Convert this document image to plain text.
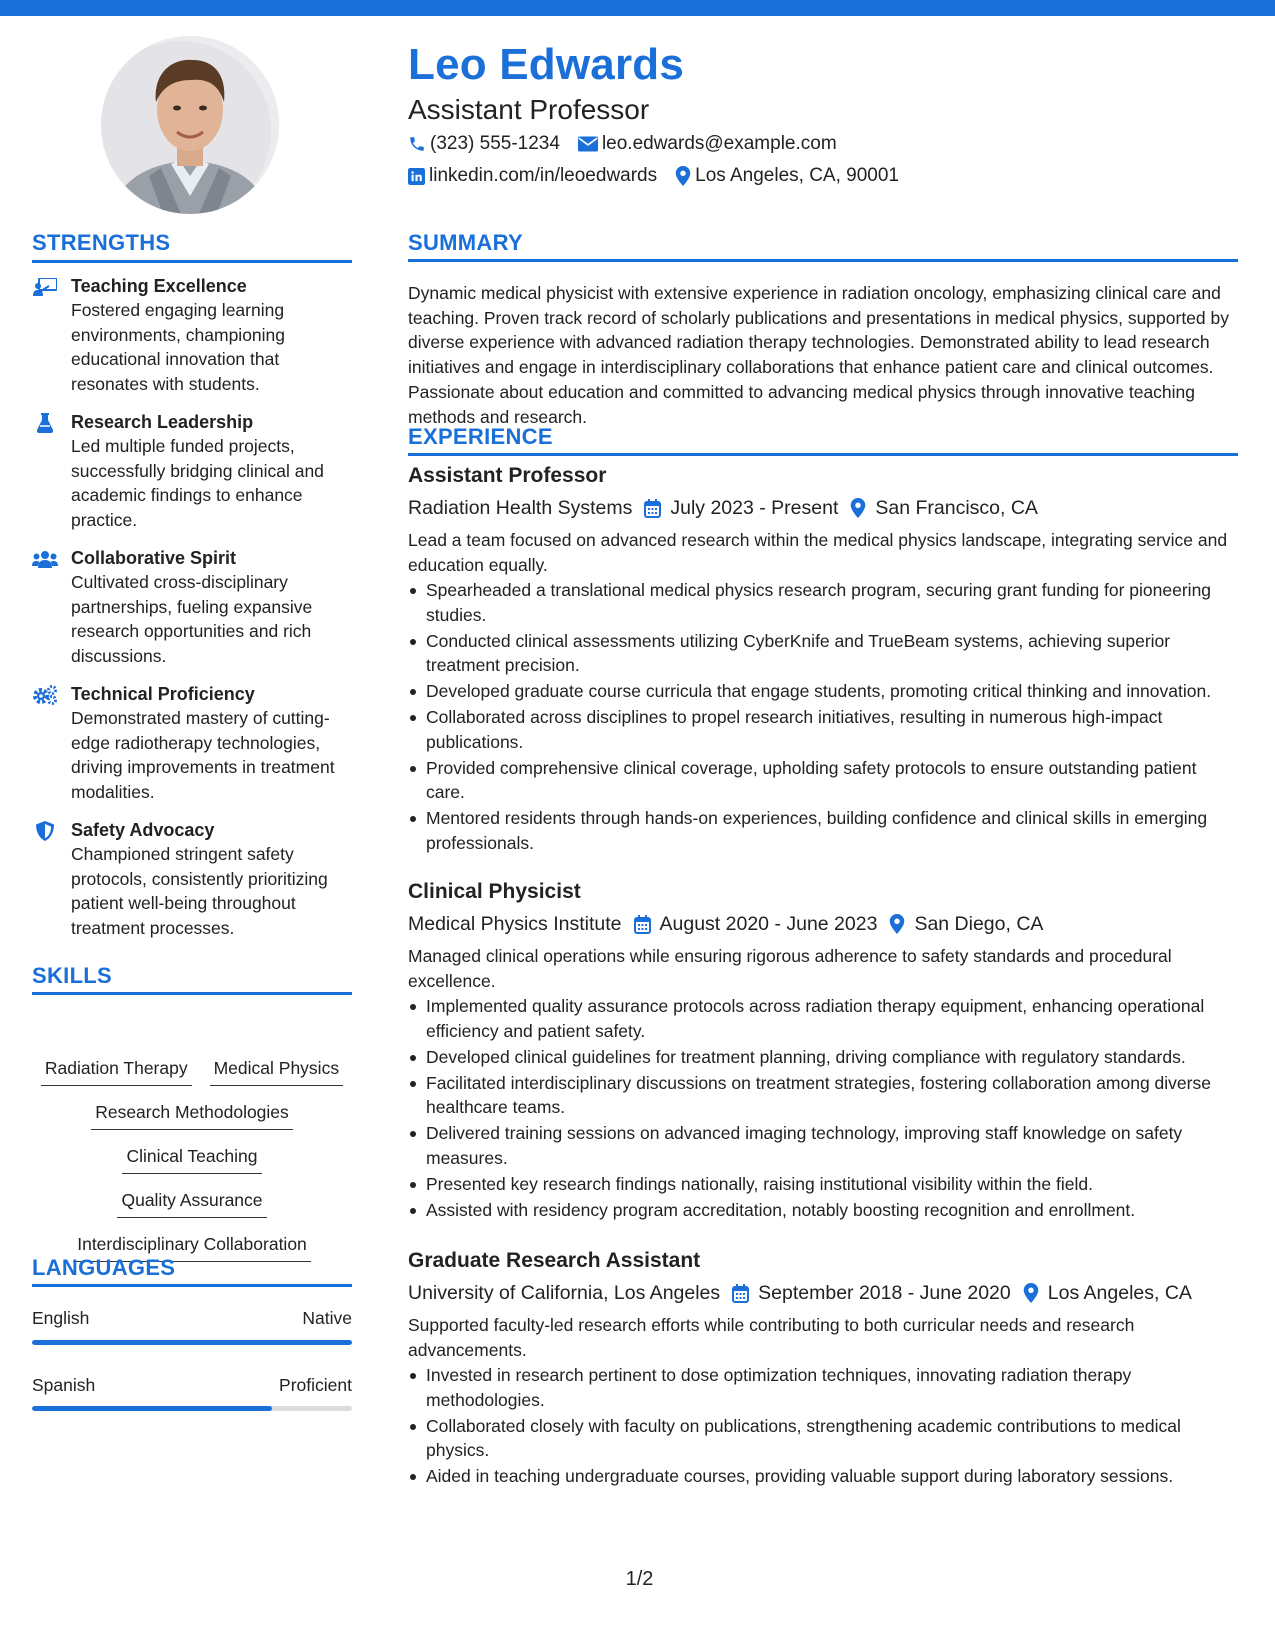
Leo Edwards
Assistant Professor
(323) 555-1234 leo.edwards@example.com
linkedin.com/in/leoedwards Los Angeles, CA, 90001
STRENGTHS
Teaching Excellence
Fostered engaging learning environments, championing educational innovation that resonates with students.
Research Leadership
Led multiple funded projects, successfully bridging clinical and academic findings to enhance practice.
Collaborative Spirit
Cultivated cross-disciplinary partnerships, fueling expansive research opportunities and rich discussions.
Technical Proficiency
Demonstrated mastery of cutting-edge radiotherapy technologies, driving improvements in treatment modalities.
Safety Advocacy
Championed stringent safety protocols, consistently prioritizing patient well-being throughout treatment processes.
SKILLS
Radiation Therapy Medical Physics
Research Methodologies
Clinical Teaching
Quality Assurance
Interdisciplinary Collaboration
LANGUAGES
English	Native
Spanish	Proficient
SUMMARY
Dynamic medical physicist with extensive experience in radiation oncology, emphasizing clinical care and teaching. Proven track record of scholarly publications and presentations in medical physics, supported by diverse experience with advanced radiation therapy technologies. Demonstrated ability to lead research initiatives and engage in interdisciplinary collaborations that enhance patient care and clinical outcomes. Passionate about education and committed to advancing medical physics through innovative teaching methods and research.
EXPERIENCE
Assistant Professor
Radiation Health Systems July 2023 - Present San Francisco, CA
Lead a team focused on advanced research within the medical physics landscape, integrating service and education equally.
Spearheaded a translational medical physics research program, securing grant funding for pioneering studies.
Conducted clinical assessments utilizing CyberKnife and TrueBeam systems, achieving superior treatment precision.
Developed graduate course curricula that engage students, promoting critical thinking and innovation.
Collaborated across disciplines to propel research initiatives, resulting in numerous high-impact publications.
Provided comprehensive clinical coverage, upholding safety protocols to ensure outstanding patient care.
Mentored residents through hands-on experiences, building confidence and clinical skills in emerging professionals.
Clinical Physicist
Medical Physics Institute August 2020 - June 2023 San Diego, CA
Managed clinical operations while ensuring rigorous adherence to safety standards and procedural excellence.
Implemented quality assurance protocols across radiation therapy equipment, enhancing operational efficiency and patient safety.
Developed clinical guidelines for treatment planning, driving compliance with regulatory standards.
Facilitated interdisciplinary discussions on treatment strategies, fostering collaboration among diverse healthcare teams.
Delivered training sessions on advanced imaging technology, improving staff knowledge on safety measures.
Presented key research findings nationally, raising institutional visibility within the field.
Assisted with residency program accreditation, notably boosting recognition and enrollment.
Graduate Research Assistant
University of California, Los Angeles September 2018 - June 2020 Los Angeles, CA
Supported faculty-led research efforts while contributing to both curricular needs and research advancements.
Invested in research pertinent to dose optimization techniques, innovating radiation therapy methodologies.
Collaborated closely with faculty on publications, strengthening academic contributions to medical physics.
Aided in teaching undergraduate courses, providing valuable support during laboratory sessions.
1/2
